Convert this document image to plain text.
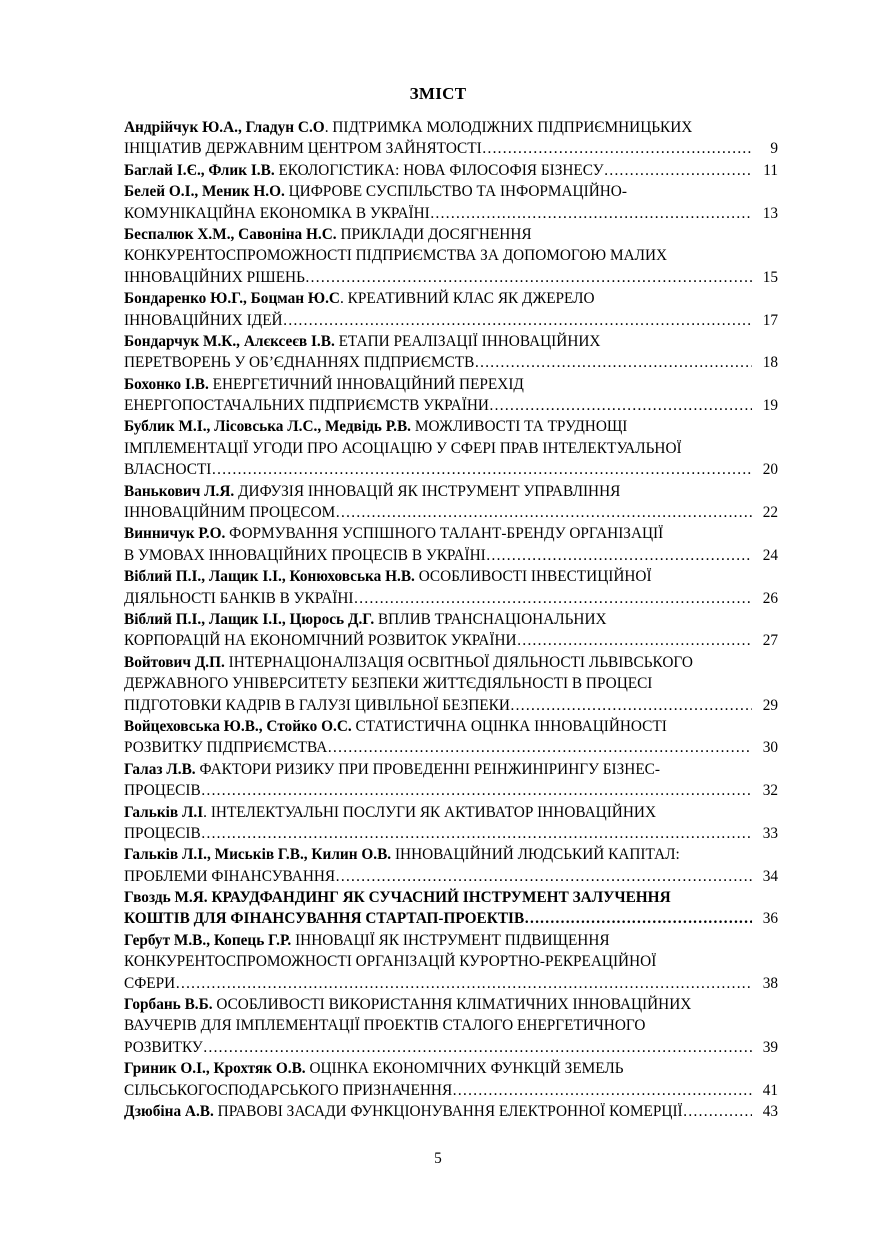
ЗМІСТ
Андрійчук Ю.А., Гладун С.О. ПІДТРИМКА МОЛОДІЖНИХ ПІДПРИЄМНИЦЬКИХ
ІНІЦІАТИВ ДЕРЖАВНИМ ЦЕНТРОМ ЗАЙНЯТОСТІ ………………………………………………………………………………………………………………………………………………………………	9
Баглай І.Є., Флик І.В. ЕКОЛОГІСТИКА: НОВА ФІЛОСОФІЯ БІЗНЕСУ ………………………………………………………………………………………………………………………………………………………………	11
Белей О.І., Меник Н.О. ЦИФРОВЕ СУСПІЛЬСТВО ТА ІНФОРМАЦІЙНО-
КОМУНІКАЦІЙНА ЕКОНОМІКА В УКРАЇНІ ………………………………………………………………………………………………………………………………………………………………	13
Беспалюк Х.М., Савоніна Н.С. ПРИКЛАДИ ДОСЯГНЕННЯ
КОНКУРЕНТОСПРОМОЖНОСТІ ПІДПРИЄМСТВА ЗА ДОПОМОГОЮ МАЛИХ
ІННОВАЦІЙНИХ РІШЕНЬ ………………………………………………………………………………………………………………………………………………………………	15
Бондаренко Ю.Г., Боцман Ю.С. КРЕАТИВНИЙ КЛАС ЯК ДЖЕРЕЛО
ІННОВАЦІЙНИХ ІДЕЙ ………………………………………………………………………………………………………………………………………………………………	17
Бондарчук М.К., Алєксеєв І.В. ЕТАПИ РЕАЛІЗАЦІЇ ІННОВАЦІЙНИХ
ПЕРЕТВОРЕНЬ У ОБ’ЄДНАННЯХ ПІДПРИЄМСТВ ………………………………………………………………………………………………………………………………………………………………	18
Бохонко І.В. ЕНЕРГЕТИЧНИЙ ІННОВАЦІЙНИЙ ПЕРЕХІД
ЕНЕРГОПОСТАЧАЛЬНИХ ПІДПРИЄМСТВ УКРАЇНИ ………………………………………………………………………………………………………………………………………………………………	19
Бублик М.І., Лісовська Л.С., Медвідь Р.В. МОЖЛИВОСТІ ТА ТРУДНОЩІ
ІМПЛЕМЕНТАЦІЇ УГОДИ ПРО АСОЦІАЦІЮ У СФЕРІ ПРАВ ІНТЕЛЕКТУАЛЬНОЇ
ВЛАСНОСТІ ………………………………………………………………………………………………………………………………………………………………	20
Ванькович Л.Я. ДИФУЗІЯ ІННОВАЦІЙ ЯК ІНСТРУМЕНТ УПРАВЛІННЯ
ІННОВАЦІЙНИМ ПРОЦЕСОМ ………………………………………………………………………………………………………………………………………………………………	22
Винничук Р.О. ФОРМУВАННЯ УСПІШНОГО ТАЛАНТ-БРЕНДУ ОРГАНІЗАЦІЇ
В УМОВАХ ІННОВАЦІЙНИХ ПРОЦЕСІВ В УКРАЇНІ ………………………………………………………………………………………………………………………………………………………………	24
Віблий П.І., Лащик І.І., Конюховська Н.В. ОСОБЛИВОСТІ ІНВЕСТИЦІЙНОЇ
ДІЯЛЬНОСТІ БАНКІВ В УКРАЇНІ ………………………………………………………………………………………………………………………………………………………………	26
Віблий П.І., Лащик І.І., Цюрось Д.Г. ВПЛИВ ТРАНСНАЦІОНАЛЬНИХ
КОРПОРАЦІЙ НА ЕКОНОМІЧНИЙ РОЗВИТОК УКРАЇНИ ………………………………………………………………………………………………………………………………………………………………	27
Войтович Д.П. ІНТЕРНАЦІОНАЛІЗАЦІЯ ОСВІТНЬОЇ ДІЯЛЬНОСТІ ЛЬВІВСЬКОГО
ДЕРЖАВНОГО УНІВЕРСИТЕТУ БЕЗПЕКИ ЖИТТЄДІЯЛЬНОСТІ В ПРОЦЕСІ
ПІДГОТОВКИ КАДРІВ В ГАЛУЗІ ЦИВІЛЬНОЇ БЕЗПЕКИ ………………………………………………………………………………………………………………………………………………………………	29
Войцеховська Ю.В., Стойко О.С. СТАТИСТИЧНА ОЦІНКА ІННОВАЦІЙНОСТІ
РОЗВИТКУ ПІДПРИЄМСТВА ………………………………………………………………………………………………………………………………………………………………	30
Галаз Л.В. ФАКТОРИ РИЗИКУ ПРИ ПРОВЕДЕННІ РЕІНЖИНІРИНГУ БІЗНЕС-
ПРОЦЕСІВ ………………………………………………………………………………………………………………………………………………………………	32
Гальків Л.І. ІНТЕЛЕКТУАЛЬНІ ПОСЛУГИ ЯК АКТИВАТОР ІННОВАЦІЙНИХ
ПРОЦЕСІВ ………………………………………………………………………………………………………………………………………………………………	33
Гальків Л.І., Миськів Г.В., Килин О.В. ІННОВАЦІЙНИЙ ЛЮДСЬКИЙ КАПІТАЛ:
ПРОБЛЕМИ ФІНАНСУВАННЯ ………………………………………………………………………………………………………………………………………………………………	34
Гвоздь М.Я. КРАУДФАНДИНГ ЯК СУЧАСНИЙ ІНСТРУМЕНТ ЗАЛУЧЕННЯ
КОШТІВ ДЛЯ ФІНАНСУВАННЯ СТАРТАП-ПРОЕКТІВ ………………………………………………………………………………………………………………………………………………………………	36
Гербут М.В., Копець Г.Р. ІННОВАЦІЇ ЯК ІНСТРУМЕНТ ПІДВИЩЕННЯ
КОНКУРЕНТОСПРОМОЖНОСТІ ОРГАНІЗАЦІЙ КУРОРТНО-РЕКРЕАЦІЙНОЇ
СФЕРИ ………………………………………………………………………………………………………………………………………………………………	38
Горбань В.Б. ОСОБЛИВОСТІ ВИКОРИСТАННЯ КЛІМАТИЧНИХ ІННОВАЦІЙНИХ
ВАУЧЕРІВ ДЛЯ ІМПЛЕМЕНТАЦІЇ ПРОЕКТІВ СТАЛОГО ЕНЕРГЕТИЧНОГО
РОЗВИТКУ ………………………………………………………………………………………………………………………………………………………………	39
Гриник О.І., Крохтяк О.В. ОЦІНКА ЕКОНОМІЧНИХ ФУНКЦІЙ ЗЕМЕЛЬ
СІЛЬСЬКОГОСПОДАРСЬКОГО ПРИЗНАЧЕННЯ ………………………………………………………………………………………………………………………………………………………………	41
Дзюбіна А.В. ПРАВОВІ ЗАСАДИ ФУНКЦІОНУВАННЯ ЕЛЕКТРОННОЇ КОМЕРЦІЇ ………………………………………………………………………………………………………………………………………………………………	43
5
